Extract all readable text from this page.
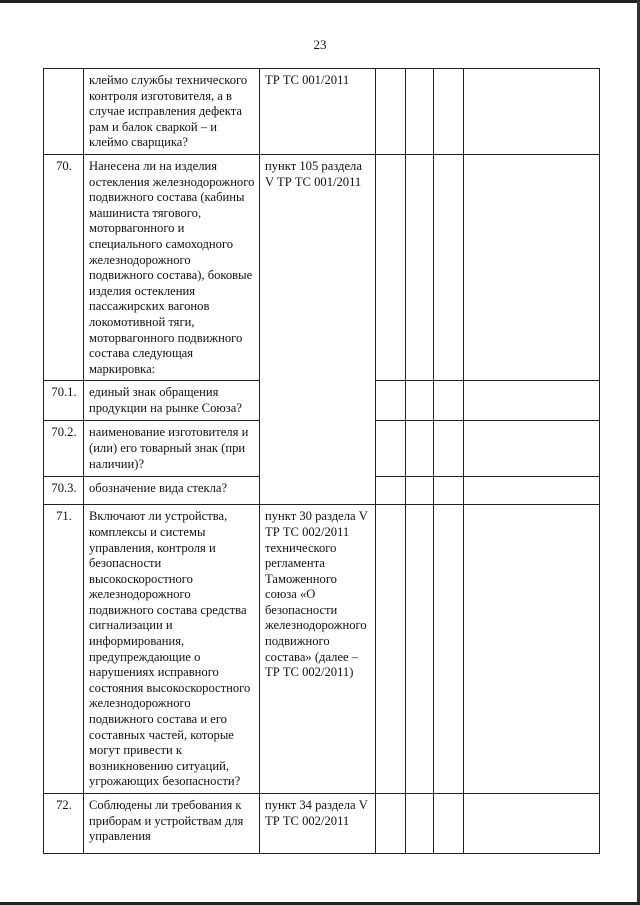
23
	клеймо службы технического контроля изготовителя, а в случае исправления дефекта рам и балок сваркой – и клеймо сварщика?	ТР ТС 001/2011				
70.	Нанесена ли на изделия остекления железнодорожного подвижного состава (кабины машиниста тягового, моторвагонного и специального самоходного железнодорожного подвижного состава), боковые изделия остекления пассажирских вагонов локомотивной тяги, моторвагонного подвижного состава следующая маркировка:	пункт 105 раздела V ТР ТС 001/2011				
70.1.	единый знак обращения продукции на рынке Союза?					
70.2.	наименование изготовителя и (или) его товарный знак (при наличии)?					
70.3.	обозначение вида стекла?					
71.	Включают ли устройства, комплексы и системы управления, контроля и безопасности высокоскоростного железнодорожного подвижного состава средства сигнализации и информирования, предупреждающие о нарушениях исправного состояния высокоскоростного железнодорожного подвижного состава и его составных частей, которые могут привести к возникновению ситуаций, угрожающих безопасности?	пункт 30 раздела V ТР ТС 002/2011 технического регламента Таможенного союза «О безопасности железнодорожного подвижного состава» (далее – ТР ТС 002/2011)				
72.	Соблюдены ли требования к приборам и устройствам для управления	пункт 34 раздела V ТР ТС 002/2011				
